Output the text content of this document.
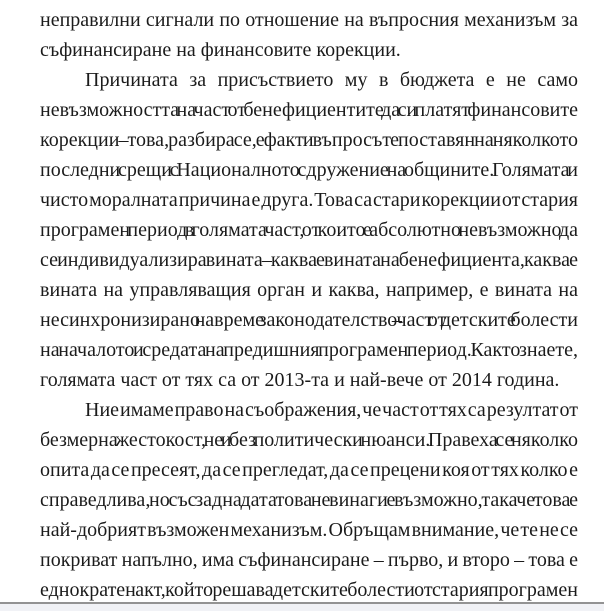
неправилни сигнали по отношение на въпросния механизъм за
съфинансиране на финансовите корекции.
Причината за присъствието му в бюджета е не само
невъзможността на част от бенефициентите да си платят финансовите
корекции – това, разбира се, е факт и въпросът е поставян на няколкото
последни срещи с Националното сдружение на общините. Голямата и
чисто моралната причина е друга. Това са стари корекции от стария
програмен период в голямата част, от които е абсолютно невъзможно да
се индивидуализира вината – каква е вината на бенефициента, каква е
вината на управляващия орган и каква, например, е вината на
несинхронизирано навреме законодателство – част от детските болести
на началото и средата на предишния програмен период. Както знаете,
голямата част от тях са от 2013-та и най-вече от 2014 година.
Ние имаме право на съображения, че част от тях са резултат от
безмерна жестокост, не и без политически нюанси. Правеха се няколко
опита да се пресеят, да се прегледат, да се прецени коя от тях колко е
справедлива, но със задна дата това не винаги е възможно, така че това е
най-добрият възможен механизъм. Обръщам внимание, че те не се
покриват напълно, има съфинансиране – първо, и второ – това е
еднократен акт, който решава детските болести от стария програмен
